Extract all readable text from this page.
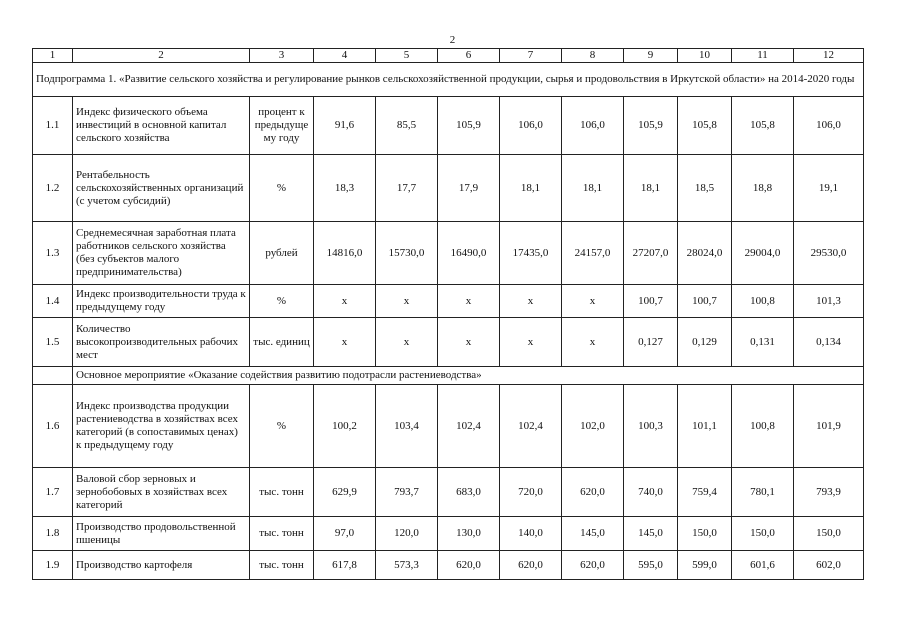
2
1	2	3	4	5	6	7	8	9	10	11	12
Подпрограмма 1. «Развитие сельского хозяйства и регулирование рынков сельскохозяйственной продукции, сырья и продовольствия в Иркутской области» на 2014-2020 годы											
1.1	Индекс физического объема инвестиций в основной капитал сельского хозяйства	процент к предыдуще му году	91,6	85,5	105,9	106,0	106,0	105,9	105,8	105,8	106,0
1.2	Рентабельность сельскохозяйственных организаций (с учетом субсидий)	%	18,3	17,7	17,9	18,1	18,1	18,1	18,5	18,8	19,1
1.3	Среднемесячная заработная плата работников сельского хозяйства (без субъектов малого предпринимательства)	рублей	14816,0	15730,0	16490,0	17435,0	24157,0	27207,0	28024,0	29004,0	29530,0
1.4	Индекс производительности труда к предыдущему году	%	x	x	x	x	x	100,7	100,7	100,8	101,3
1.5	Количество высокопроизводительных рабочих мест	тыс. единиц	x	x	x	x	x	0,127	0,129	0,131	0,134
	Основное мероприятие «Оказание содействия развитию подотрасли растениеводства»										
1.6	Индекс производства продукции растениеводства в хозяйствах всех категорий (в сопоставимых ценах) к предыдущему году	%	100,2	103,4	102,4	102,4	102,0	100,3	101,1	100,8	101,9
1.7	Валовой сбор зерновых и зернобобовых в хозяйствах всех категорий	тыс. тонн	629,9	793,7	683,0	720,0	620,0	740,0	759,4	780,1	793,9
1.8	Производство продовольственной пшеницы	тыс. тонн	97,0	120,0	130,0	140,0	145,0	145,0	150,0	150,0	150,0
1.9	Производство картофеля	тыс. тонн	617,8	573,3	620,0	620,0	620,0	595,0	599,0	601,6	602,0
